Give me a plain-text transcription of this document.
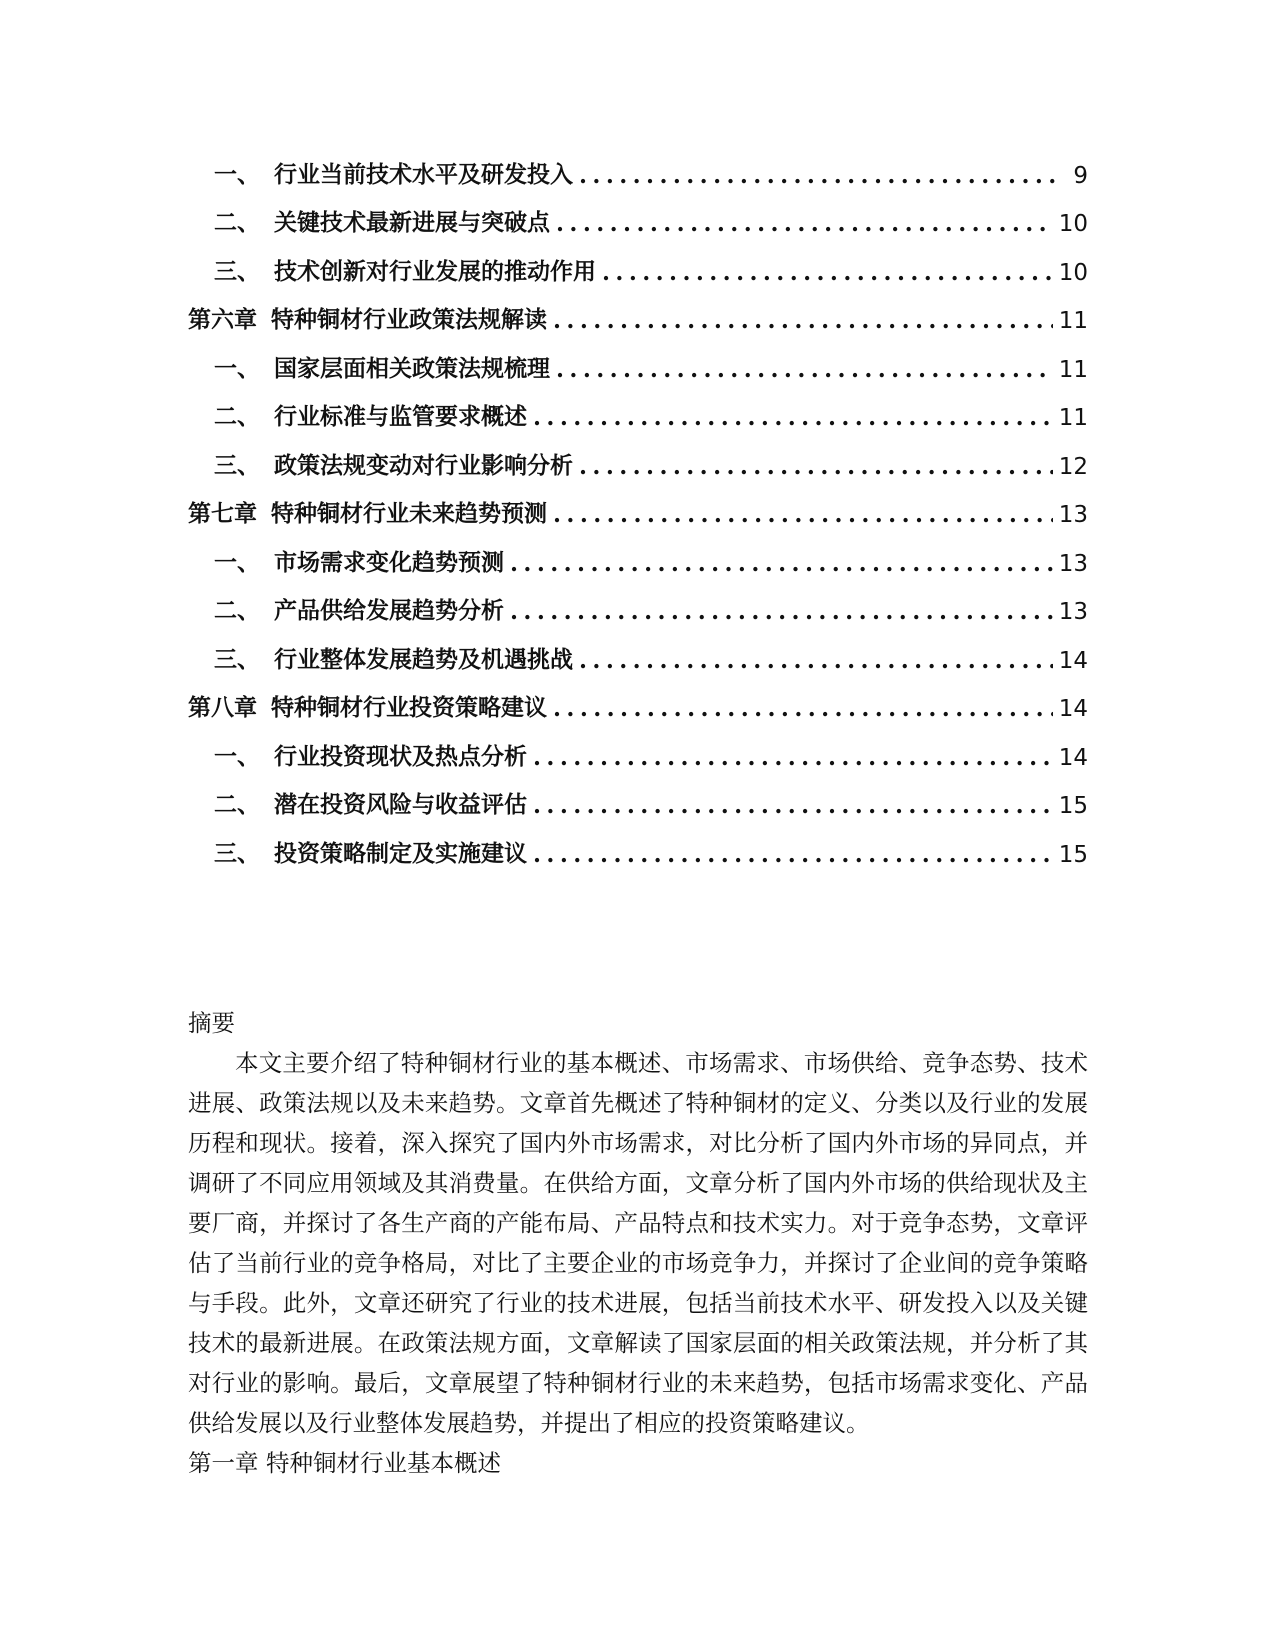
一、 行业当前技术水平及研发投入 .....	9
二、 关键技术最新进展与突破点 .....	10
三、 技术创新对行业发展的推动作用 .....	10
第六章 特种铜材行业政策法规解读 .....	11
一、 国家层面相关政策法规梳理 .....	11
二、 行业标准与监管要求概述 .....	11
三、 政策法规变动对行业影响分析 .....	12
第七章 特种铜材行业未来趋势预测 .....	13
一、 市场需求变化趋势预测 .....	13
二、 产品供给发展趋势分析 .....	13
三、 行业整体发展趋势及机遇挑战 .....	14
第八章 特种铜材行业投资策略建议 .....	14
一、 行业投资现状及热点分析 .....	14
二、 潜在投资风险与收益评估 .....	15
三、 投资策略制定及实施建议 .....	15

摘要

本文主要介绍了特种铜材行业的基本概述、市场需求、市场供给、竞争态势、技术进展、政策法规以及未来趋势。文章首先概述了特种铜材的定义、分类以及行业的发展历程和现状。接着，深入探究了国内外市场需求，对比分析了国内外市场的异同点，并调研了不同应用领域及其消费量。在供给方面，文章分析了国内外市场的供给现状及主要厂商，并探讨了各生产商的产能布局、产品特点和技术实力。对于竞争态势，文章评估了当前行业的竞争格局，对比了主要企业的市场竞争力，并探讨了企业间的竞争策略与手段。此外，文章还研究了行业的技术进展，包括当前技术水平、研发投入以及关键技术的最新进展。在政策法规方面，文章解读了国家层面的相关政策法规，并分析了其对行业的影响。最后，文章展望了特种铜材行业的未来趋势，包括市场需求变化、产品供给发展以及行业整体发展趋势，并提出了相应的投资策略建议。

第一章 特种铜材行业基本概述
